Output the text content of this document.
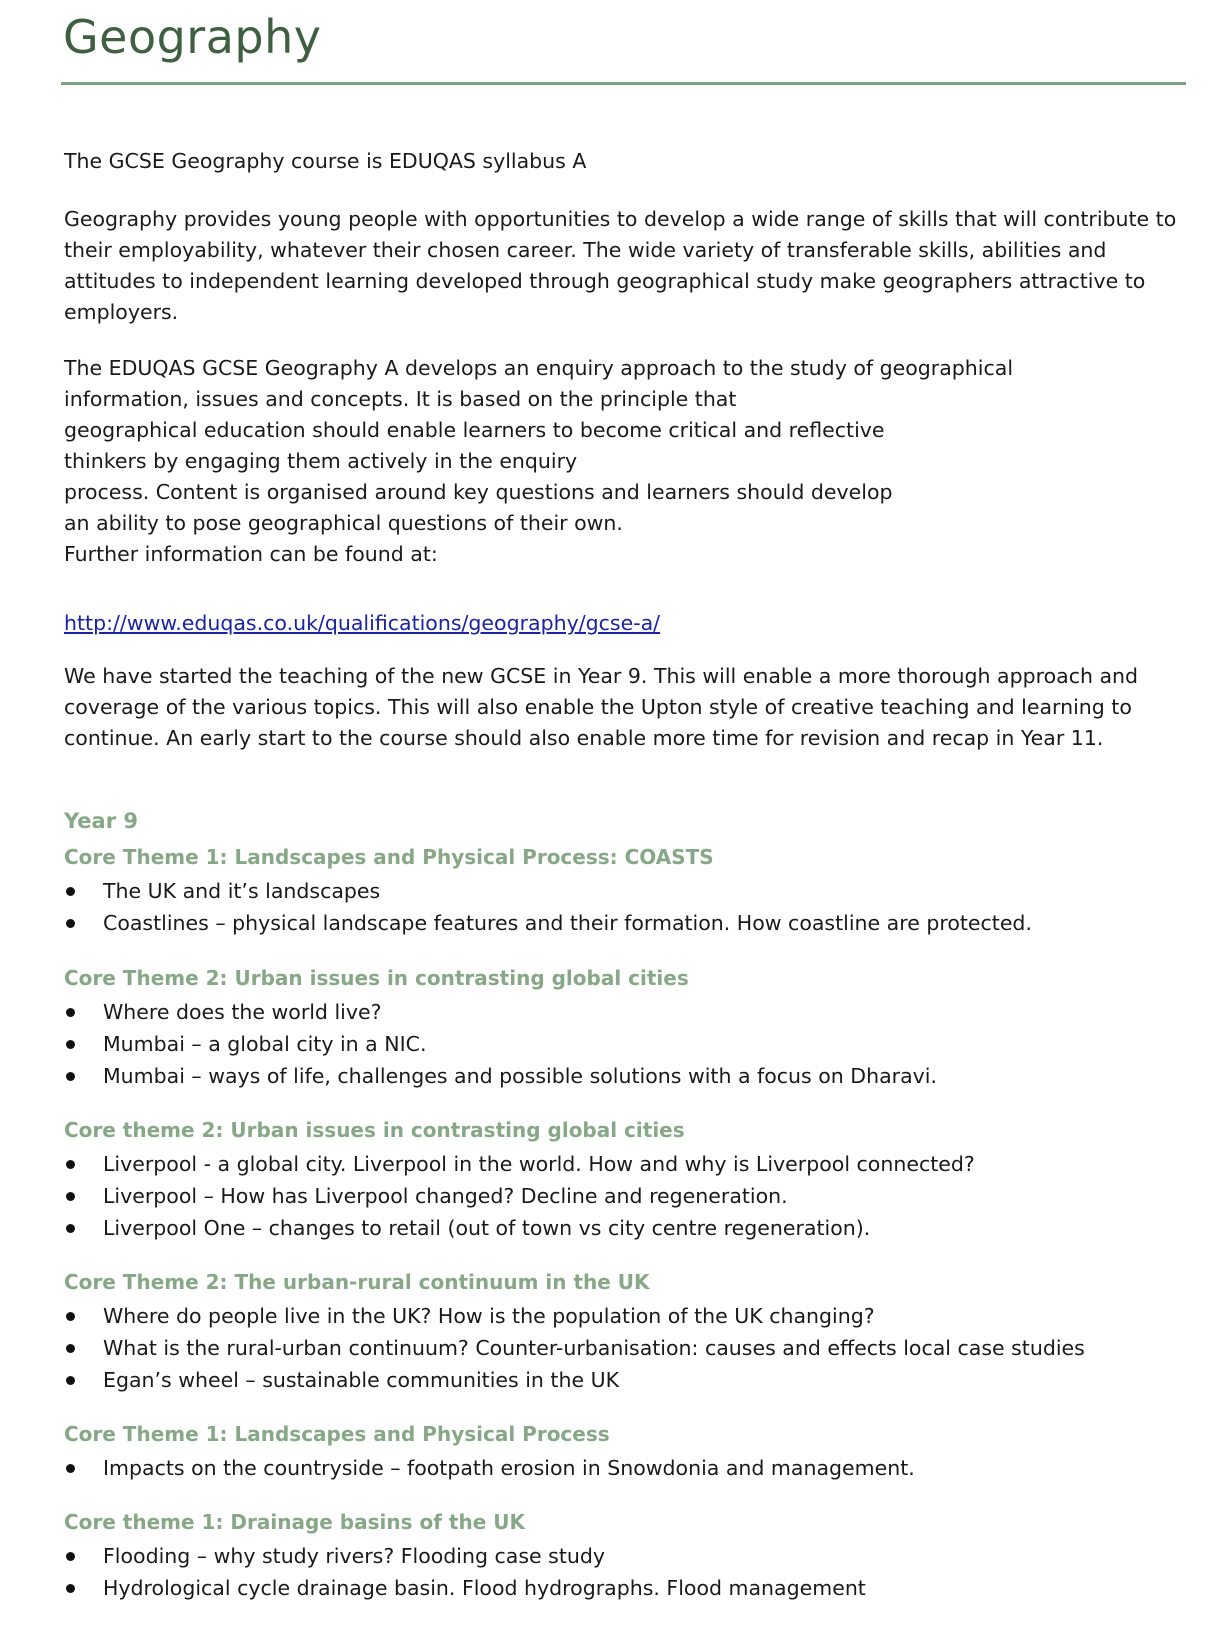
Geography

The GCSE Geography course is EDUQAS syllabus A

Geography provides young people with opportunities to develop a wide range of skills that will contribute to
their employability, whatever their chosen career. The wide variety of transferable skills, abilities and
attitudes to independent learning developed through geographical study make geographers attractive to
employers.

The EDUQAS GCSE Geography A develops an enquiry approach to the study of geographical
information, issues and concepts. It is based on the principle that
geographical education should enable learners to become critical and reflective
thinkers by engaging them actively in the enquiry
process. Content is organised around key questions and learners should develop
an ability to pose geographical questions of their own.
Further information can be found at:

http://www.eduqas.co.uk/qualifications/geography/gcse-a/

We have started the teaching of the new GCSE in Year 9. This will enable a more thorough approach and
coverage of the various topics. This will also enable the Upton style of creative teaching and learning to
continue. An early start to the course should also enable more time for revision and recap in Year 11.

Year 9
Core Theme 1: Landscapes and Physical Process: COASTS
The UK and it’s landscapes
Coastlines – physical landscape features and their formation. How coastline are protected.
Core Theme 2: Urban issues in contrasting global cities
Where does the world live?
Mumbai – a global city in a NIC.
Mumbai – ways of life, challenges and possible solutions with a focus on Dharavi.
Core theme 2: Urban issues in contrasting global cities
Liverpool - a global city. Liverpool in the world. How and why is Liverpool connected?
Liverpool – How has Liverpool changed? Decline and regeneration.
Liverpool One – changes to retail (out of town vs city centre regeneration).
Core Theme 2: The urban-rural continuum in the UK
Where do people live in the UK? How is the population of the UK changing?
What is the rural-urban continuum? Counter-urbanisation: causes and effects local case studies
Egan’s wheel – sustainable communities in the UK
Core Theme 1: Landscapes and Physical Process
Impacts on the countryside – footpath erosion in Snowdonia and management.
Core theme 1: Drainage basins of the UK
Flooding – why study rivers? Flooding case study
Hydrological cycle drainage basin. Flood hydrographs. Flood management
